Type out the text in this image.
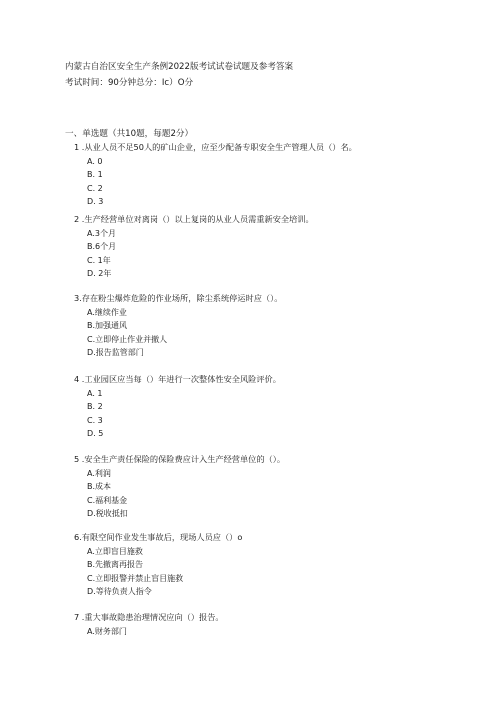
内蒙古自治区安全生产条例2022版考试试卷试题及参考答案
考试时间：90分钟总分：Ic）O分
一、单选题（共10题，每题2分）
1 .从业人员不足50人的矿山企业，应至少配备专职安全生产管理人员（）名。
A. 0
B. 1
C. 2
D. 3
2 .生产经营单位对离岗（）以上复岗的从业人员需重新安全培训。
A.3个月
B.6个月
C. 1年
D. 2年
3.存在粉尘爆炸危险的作业场所，除尘系统停运时应（）。
A.继续作业
B.加强通风
C.立即停止作业并撤人
D.报告监管部门
4 .工业园区应当每（）年进行一次整体性安全风险评价。
A. 1
B. 2
C. 3
D. 5
5 .安全生产责任保险的保险费应计入生产经营单位的（）。
A.利润
B.成本
C.福利基金
D.税收抵扣
6.有限空间作业发生事故后，现场人员应（）o
A.立即盲目施救
B.先撤离再报告
C.立即报警并禁止盲目施救
D.等待负责人指令
7 .重大事故隐患治理情况应向（）报告。
A.财务部门
